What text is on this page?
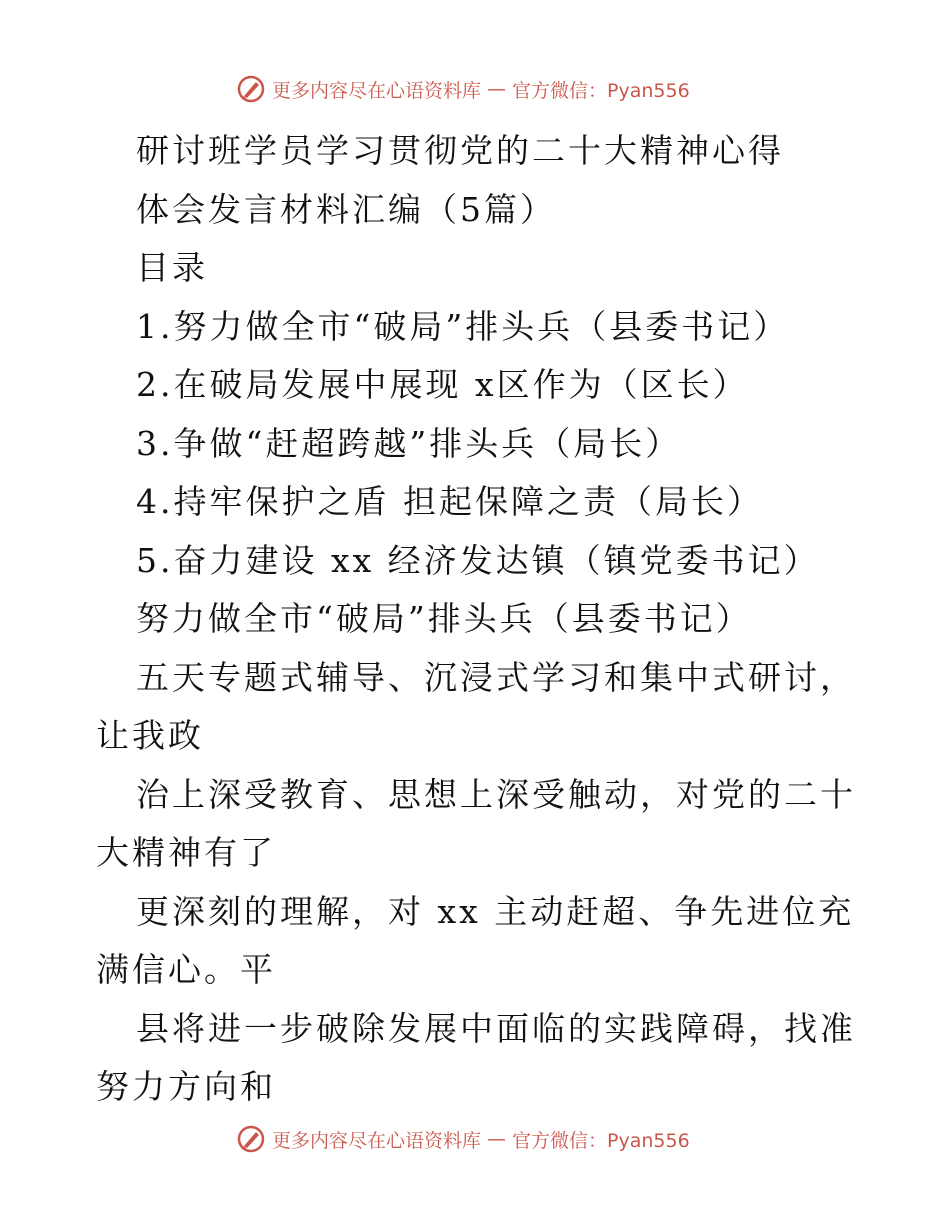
更多内容尽在心语资料库 — 官方微信：Pyan556
研讨班学员学习贯彻党的二十大精神心得
体会发言材料汇编（5篇）
目录
1.努力做全市“破局”排头兵（县委书记）
2.在破局发展中展现 x区作为（区长）
3.争做“赶超跨越”排头兵（局长）
4.持牢保护之盾 担起保障之责（局长）
5.奋力建设 xx 经济发达镇（镇党委书记）
努力做全市“破局”排头兵（县委书记）
五天专题式辅导、沉浸式学习和集中式研讨，让我政
治上深受教育、思想上深受触动，对党的二十大精神有了
更深刻的理解，对 xx 主动赶超、争先进位充满信心。平
县将进一步破除发展中面临的实践障碍，找准努力方向和
更多内容尽在心语资料库 — 官方微信：Pyan556
